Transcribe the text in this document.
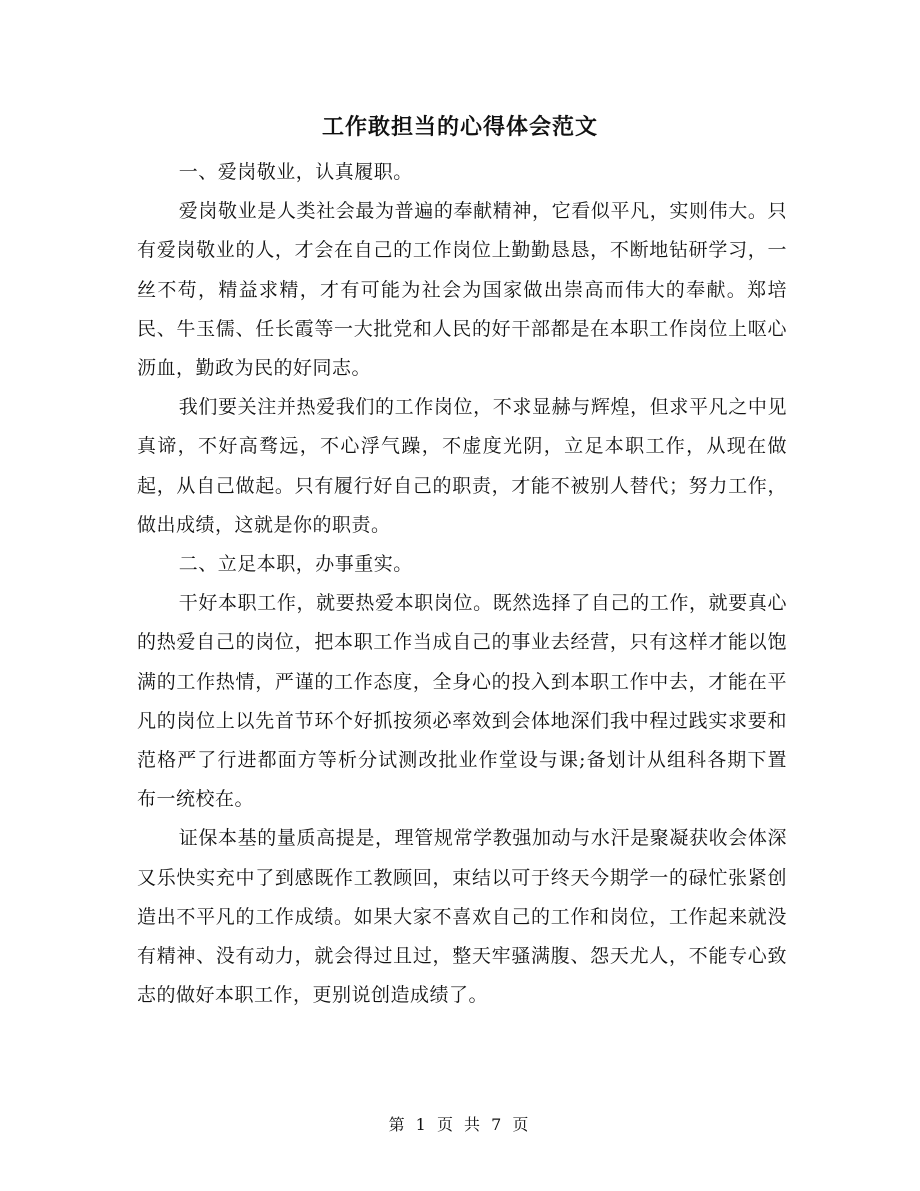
工作敢担当的心得体会范文

一、爱岗敬业，认真履职。

爱岗敬业是人类社会最为普遍的奉献精神，它看似平凡，实则伟大。只有爱岗敬业的人，才会在自己的工作岗位上勤勤恳恳，不断地钻研学习，一丝不苟，精益求精，才有可能为社会为国家做出崇高而伟大的奉献。郑培民、牛玉儒、任长霞等一大批党和人民的好干部都是在本职工作岗位上呕心沥血，勤政为民的好同志。

我们要关注并热爱我们的工作岗位，不求显赫与辉煌，但求平凡之中见真谛，不好高骛远，不心浮气躁，不虚度光阴，立足本职工作，从现在做起，从自己做起。只有履行好自己的职责，才能不被别人替代；努力工作，做出成绩，这就是你的职责。

二、立足本职，办事重实。

干好本职工作，就要热爱本职岗位。既然选择了自己的工作，就要真心的热爱自己的岗位，把本职工作当成自己的事业去经营，只有这样才能以饱满的工作热情，严谨的工作态度，全身心的投入到本职工作中去，才能在平凡的岗位上以先首节环个好抓按须必率效到会体地深们我中程过践实求要和范格严了行进都面方等析分试测改批业作堂设与课;备划计从组科各期下置布一统校在。

证保本基的量质高提是，理管规常学教强加动与水汗是聚凝获收会体深又乐快实充中了到感既作工教顾回，束结以可于终天今期学一的碌忙张紧创造出不平凡的工作成绩。如果大家不喜欢自己的工作和岗位，工作起来就没有精神、没有动力，就会得过且过，整天牢骚满腹、怨天尤人，不能专心致志的做好本职工作，更别说创造成绩了。

第 1 页 共 7 页
